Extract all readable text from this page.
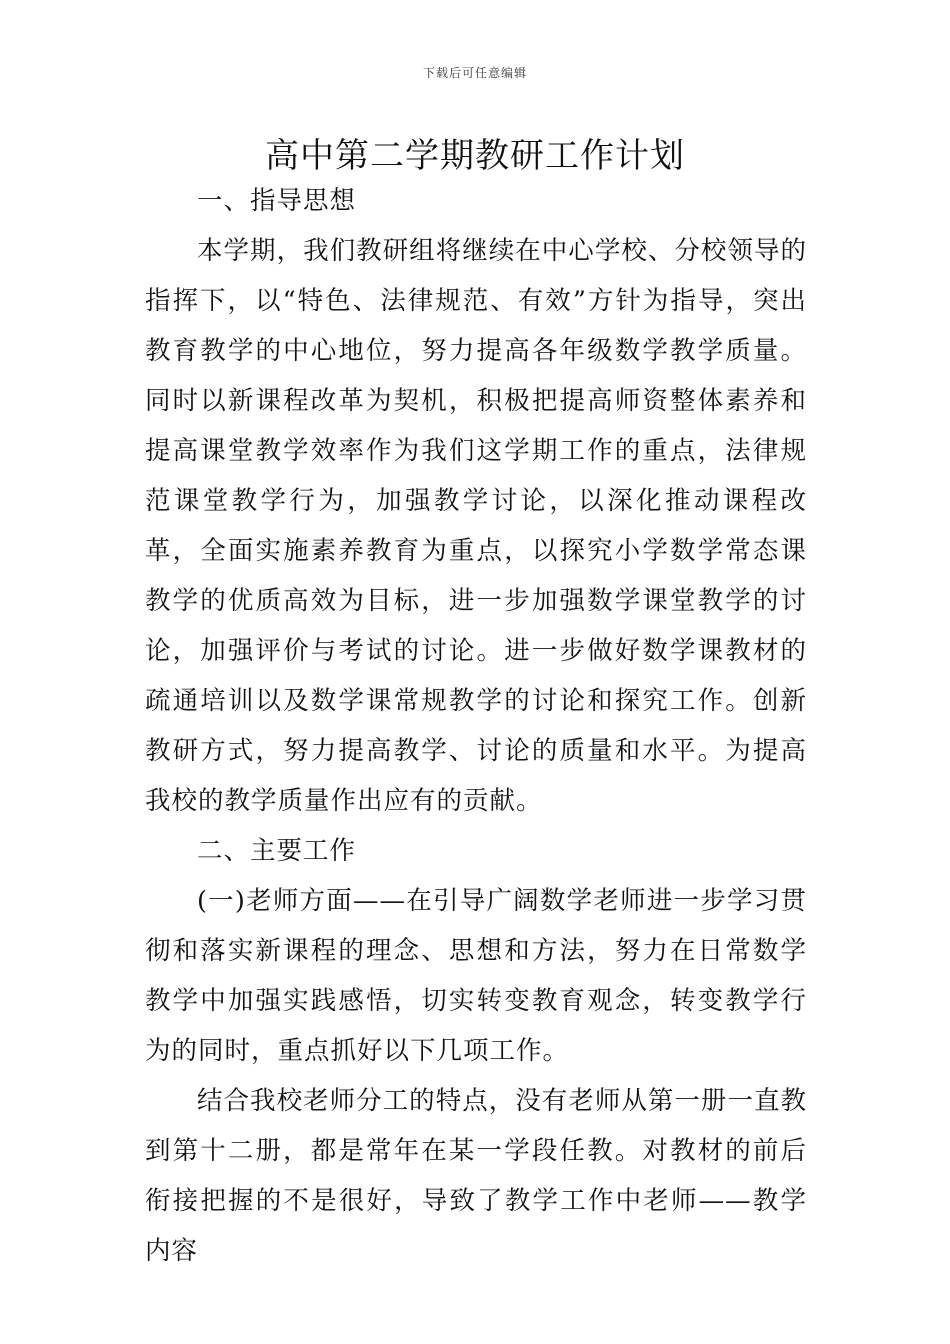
下载后可任意编辑
高中第二学期教研工作计划

一、指导思想

本学期，我们教研组将继续在中心学校、分校领导的指挥下，以“特色、法律规范、有效”方针为指导，突出教育教学的中心地位，努力提高各年级数学教学质量。同时以新课程改革为契机，积极把提高师资整体素养和提高课堂教学效率作为我们这学期工作的重点，法律规范课堂教学行为，加强教学讨论，以深化推动课程改革，全面实施素养教育为重点，以探究小学数学常态课教学的优质高效为目标，进一步加强数学课堂教学的讨论，加强评价与考试的讨论。进一步做好数学课教材的疏通培训以及数学课常规教学的讨论和探究工作。创新教研方式，努力提高教学、讨论的质量和水平。为提高我校的教学质量作出应有的贡献。

二、主要工作

(一)老师方面——在引导广阔数学老师进一步学习贯彻和落实新课程的理念、思想和方法，努力在日常数学教学中加强实践感悟，切实转变教育观念，转变教学行为的同时，重点抓好以下几项工作。

结合我校老师分工的特点，没有老师从第一册一直教到第十二册，都是常年在某一学段任教。对教材的前后衔接把握的不是很好，导致了教学工作中老师——教学内容
